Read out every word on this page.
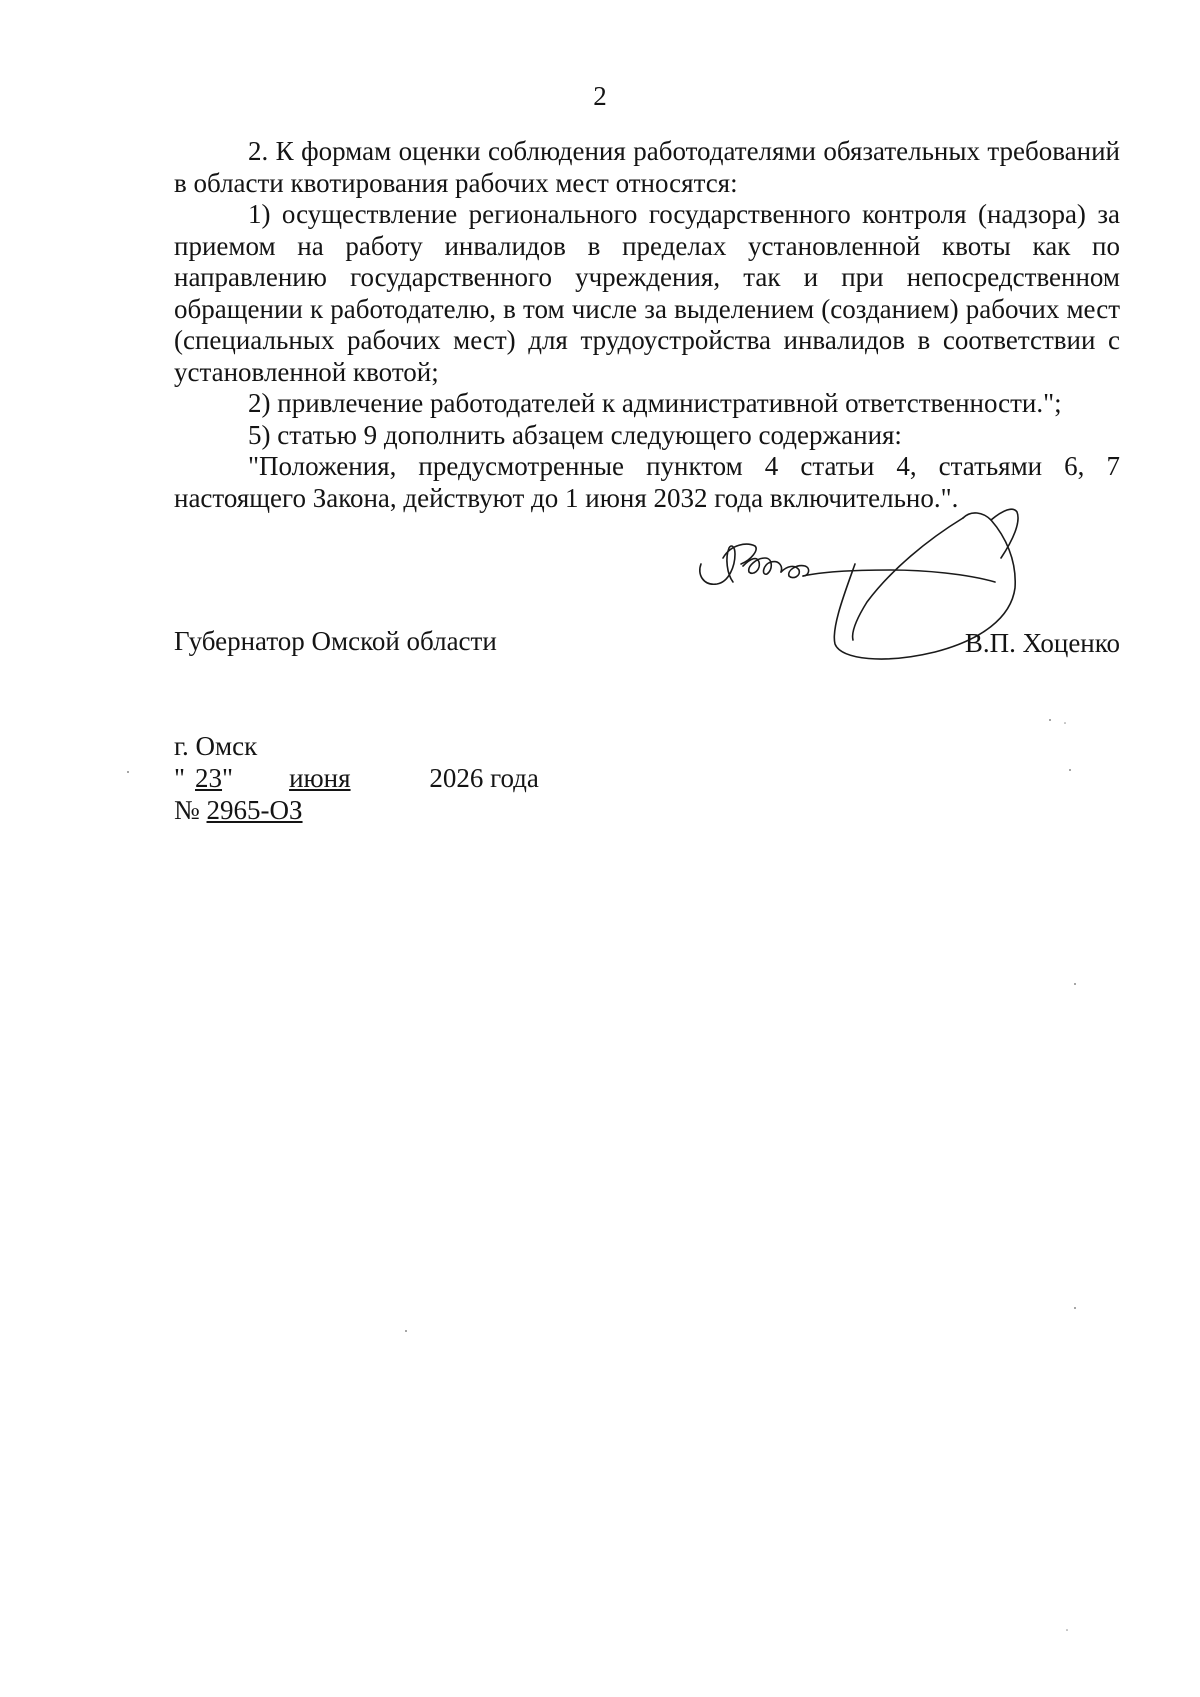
2

2. К формам оценки соблюдения работодателями обязательных требований в области квотирования рабочих мест относятся:

1) осуществление регионального государственного контроля (надзора) за приемом на работу инвалидов в пределах установленной квоты как по направлению государственного учреждения, так и при непосредственном обращении к работодателю, в том числе за выделением (созданием) рабочих мест (специальных рабочих мест) для трудоустройства инвалидов в соответствии с установленной квотой;

2) привлечение работодателей к административной ответственности.";

5) статью 9 дополнить абзацем следующего содержания:

"Положения, предусмотренные пунктом 4 статьи 4, статьями 6, 7 настоящего Закона, действуют до 1 июня 2032 года включительно.".

Губернатор Омской области	В.П. Хоценко
г. Омск
" 23" июня	2026 года
№ 2965-ОЗ
